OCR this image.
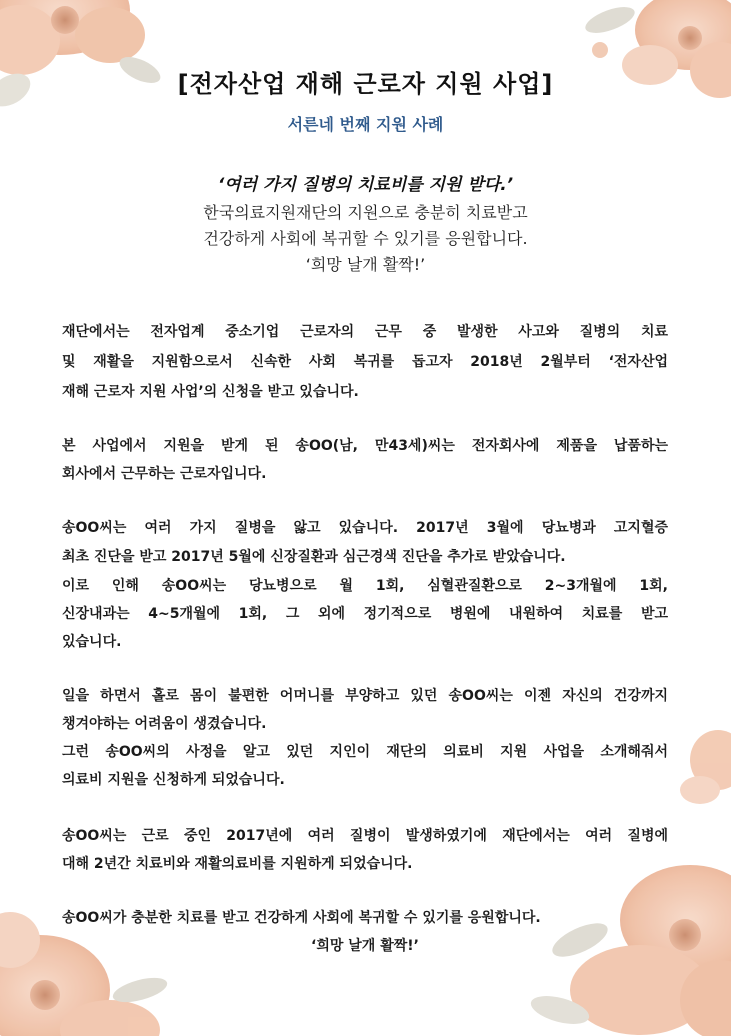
[전자산업 재해 근로자 지원 사업]
서른네 번째 지원 사례
‘여러 가지 질병의 치료비를 지원 받다.’
한국의료지원재단의 지원으로 충분히 치료받고
건강하게 사회에 복귀할 수 있기를 응원합니다.
‘희망 날개 활짝!’
재단에서는 전자업계 중소기업 근로자의 근무 중 발생한 사고와 질병의 치료
및 재활을 지원함으로서 신속한 사회 복귀를 돕고자 2018년 2월부터 ‘전자산업
재해 근로자 지원 사업’의 신청을 받고 있습니다.
본 사업에서 지원을 받게 된 송OO(남, 만43세)씨는 전자회사에 제품을 납품하는
회사에서 근무하는 근로자입니다.
송OO씨는 여러 가지 질병을 앓고 있습니다. 2017년 3월에 당뇨병과 고지혈증
최초 진단을 받고 2017년 5월에 신장질환과 심근경색 진단을 추가로 받았습니다.
이로 인해 송OO씨는 당뇨병으로 월 1회, 심혈관질환으로 2~3개월에 1회,
신장내과는 4~5개월에 1회, 그 외에 정기적으로 병원에 내원하여 치료를 받고
있습니다.
일을 하면서 홀로 몸이 불편한 어머니를 부양하고 있던 송OO씨는 이젠 자신의 건강까지
챙겨야하는 어려움이 생겼습니다.
그런 송OO씨의 사정을 알고 있던 지인이 재단의 의료비 지원 사업을 소개해줘서
의료비 지원을 신청하게 되었습니다.
송OO씨는 근로 중인 2017년에 여러 질병이 발생하였기에 재단에서는 여러 질병에
대해 2년간 치료비와 재활의료비를 지원하게 되었습니다.
송OO씨가 충분한 치료를 받고 건강하게 사회에 복귀할 수 있기를 응원합니다.
‘희망 날개 활짝!’
